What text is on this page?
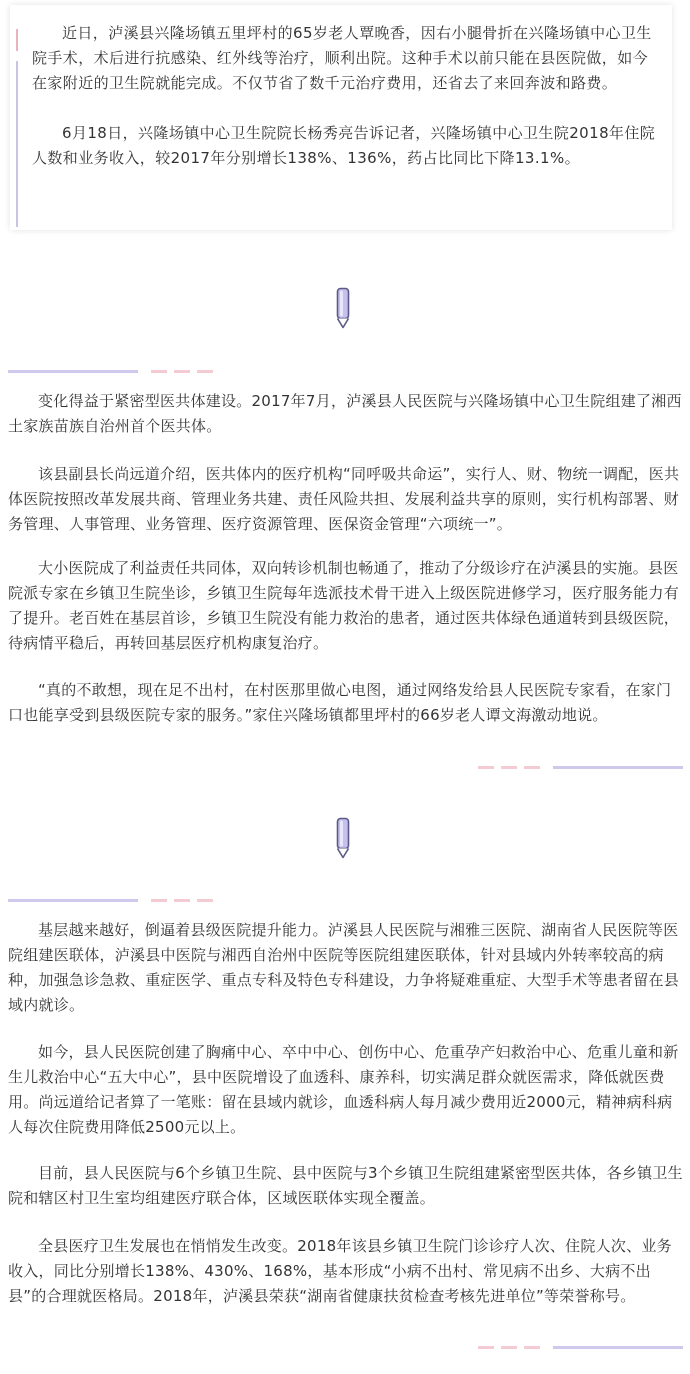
近日，泸溪县兴隆场镇五里坪村的65岁老人覃晚香，因右小腿骨折在兴隆场镇中心卫生院手术，术后进行抗感染、红外线等治疗，顺利出院。这种手术以前只能在县医院做，如今在家附近的卫生院就能完成。不仅节省了数千元治疗费用，还省去了来回奔波和路费。

6月18日，兴隆场镇中心卫生院院长杨秀亮告诉记者，兴隆场镇中心卫生院2018年住院人数和业务收入，较2017年分别增长138%、136%，药占比同比下降13.1%。

变化得益于紧密型医共体建设。2017年7月，泸溪县人民医院与兴隆场镇中心卫生院组建了湘西土家族苗族自治州首个医共体。

该县副县长尚远道介绍，医共体内的医疗机构“同呼吸共命运”，实行人、财、物统一调配，医共体医院按照改革发展共商、管理业务共建、责任风险共担、发展利益共享的原则，实行机构部署、财务管理、人事管理、业务管理、医疗资源管理、医保资金管理“六项统一”。

大小医院成了利益责任共同体，双向转诊机制也畅通了，推动了分级诊疗在泸溪县的实施。县医院派专家在乡镇卫生院坐诊，乡镇卫生院每年选派技术骨干进入上级医院进修学习，医疗服务能力有了提升。老百姓在基层首诊，乡镇卫生院没有能力救治的患者，通过医共体绿色通道转到县级医院，待病情平稳后，再转回基层医疗机构康复治疗。

“真的不敢想，现在足不出村，在村医那里做心电图，通过网络发给县人民医院专家看，在家门口也能享受到县级医院专家的服务。”家住兴隆场镇都里坪村的66岁老人谭文海激动地说。

基层越来越好，倒逼着县级医院提升能力。泸溪县人民医院与湘雅三医院、湖南省人民医院等医院组建医联体，泸溪县中医院与湘西自治州中医院等医院组建医联体，针对县域内外转率较高的病种，加强急诊急救、重症医学、重点专科及特色专科建设，力争将疑难重症、大型手术等患者留在县域内就诊。

如今，县人民医院创建了胸痛中心、卒中中心、创伤中心、危重孕产妇救治中心、危重儿童和新生儿救治中心“五大中心”，县中医院增设了血透科、康养科，切实满足群众就医需求，降低就医费用。尚远道给记者算了一笔账：留在县域内就诊，血透科病人每月减少费用近2000元，精神病科病人每次住院费用降低2500元以上。

目前，县人民医院与6个乡镇卫生院、县中医院与3个乡镇卫生院组建紧密型医共体，各乡镇卫生院和辖区村卫生室均组建医疗联合体，区域医联体实现全覆盖。

全县医疗卫生发展也在悄悄发生改变。2018年该县乡镇卫生院门诊诊疗人次、住院人次、业务收入，同比分别增长138%、430%、168%，基本形成“小病不出村、常见病不出乡、大病不出县”的合理就医格局。2018年，泸溪县荣获“湖南省健康扶贫检查考核先进单位”等荣誉称号。
